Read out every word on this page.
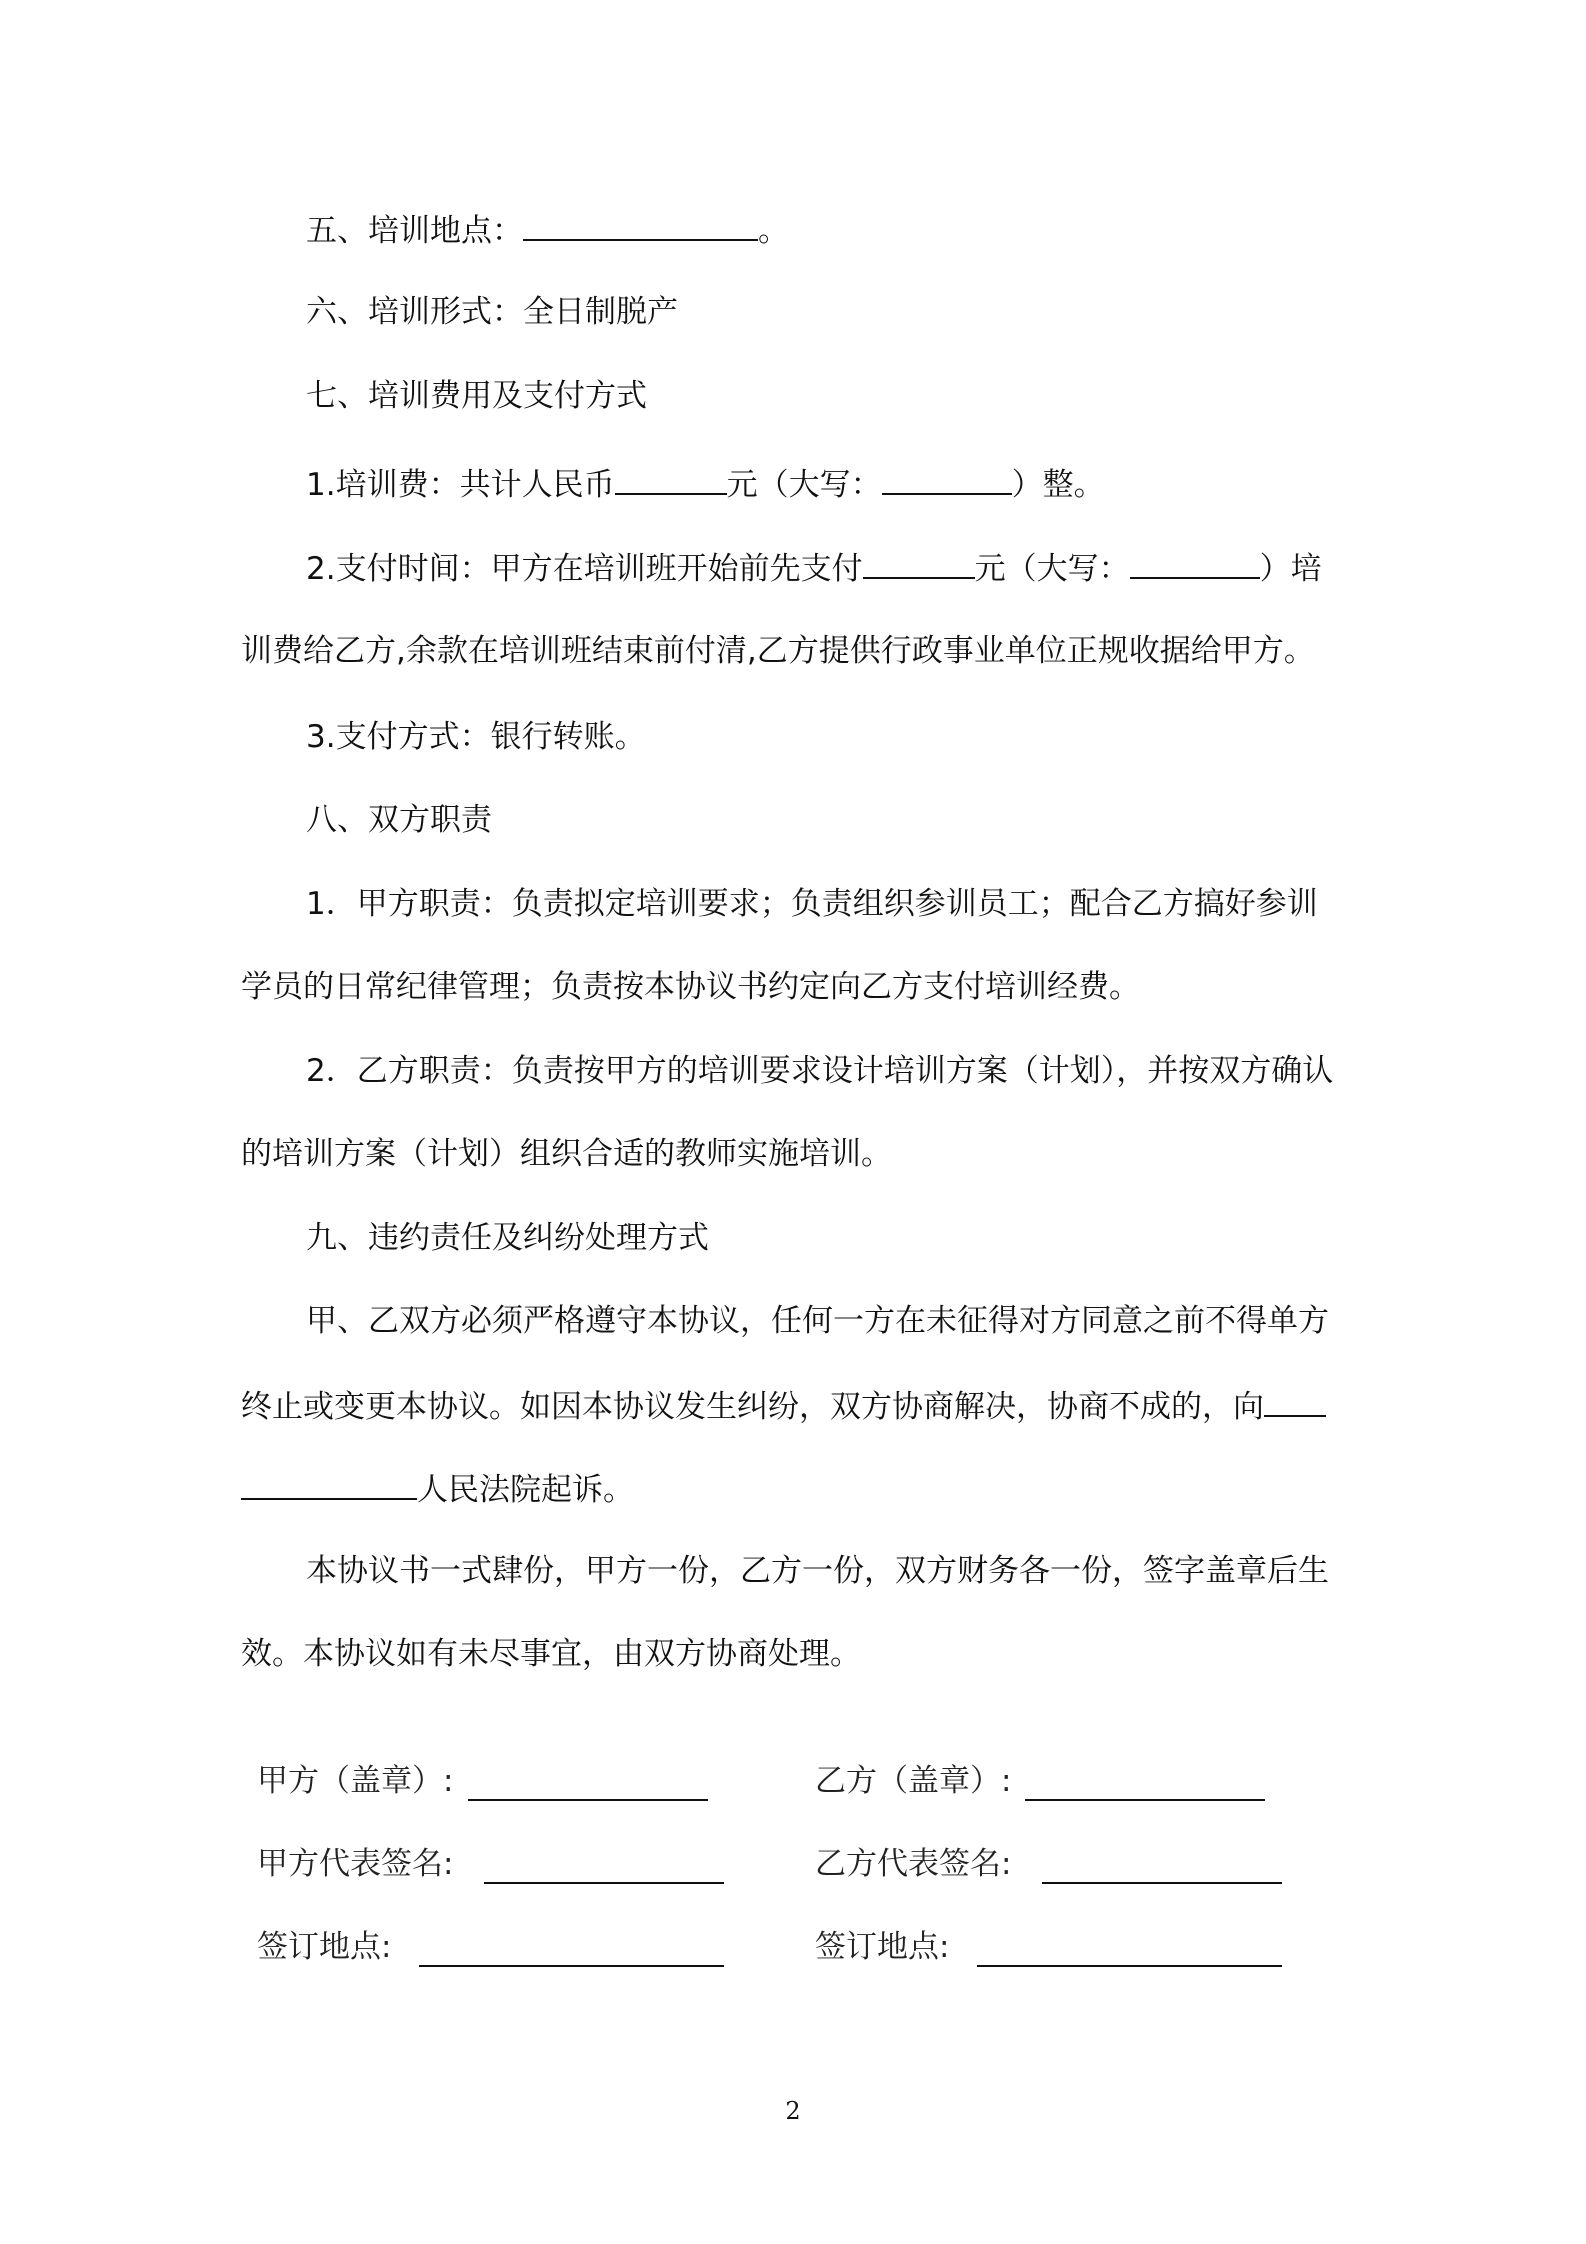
五、培训地点：	。
六、培训形式：全日制脱产
七、培训费用及支付方式
1.培训费：共计人民币	元（大写：	）整。
2.支付时间：甲方在培训班开始前先支付	元（大写：	）培
训费给乙方,余款在培训班结束前付清,乙方提供行政事业单位正规收据给甲方。
3.支付方式：银行转账。
八、双方职责
1．甲方职责：负责拟定培训要求；负责组织参训员工；配合乙方搞好参训
学员的日常纪律管理；负责按本协议书约定向乙方支付培训经费。
2．乙方职责：负责按甲方的培训要求设计培训方案（计划），并按双方确认
的培训方案（计划）组织合适的教师实施培训。
九、违约责任及纠纷处理方式
甲、乙双方必须严格遵守本协议，任何一方在未征得对方同意之前不得单方
终止或变更本协议。如因本协议发生纠纷，双方协商解决，协商不成的，向
人民法院起诉。
本协议书一式肆份，甲方一份，乙方一份，双方财务各一份，签字盖章后生
效。本协议如有未尽事宜，由双方协商处理。
甲方（盖章）:	乙方（盖章）:
甲方代表签名:	乙方代表签名:
签订地点:	签订地点:
2
